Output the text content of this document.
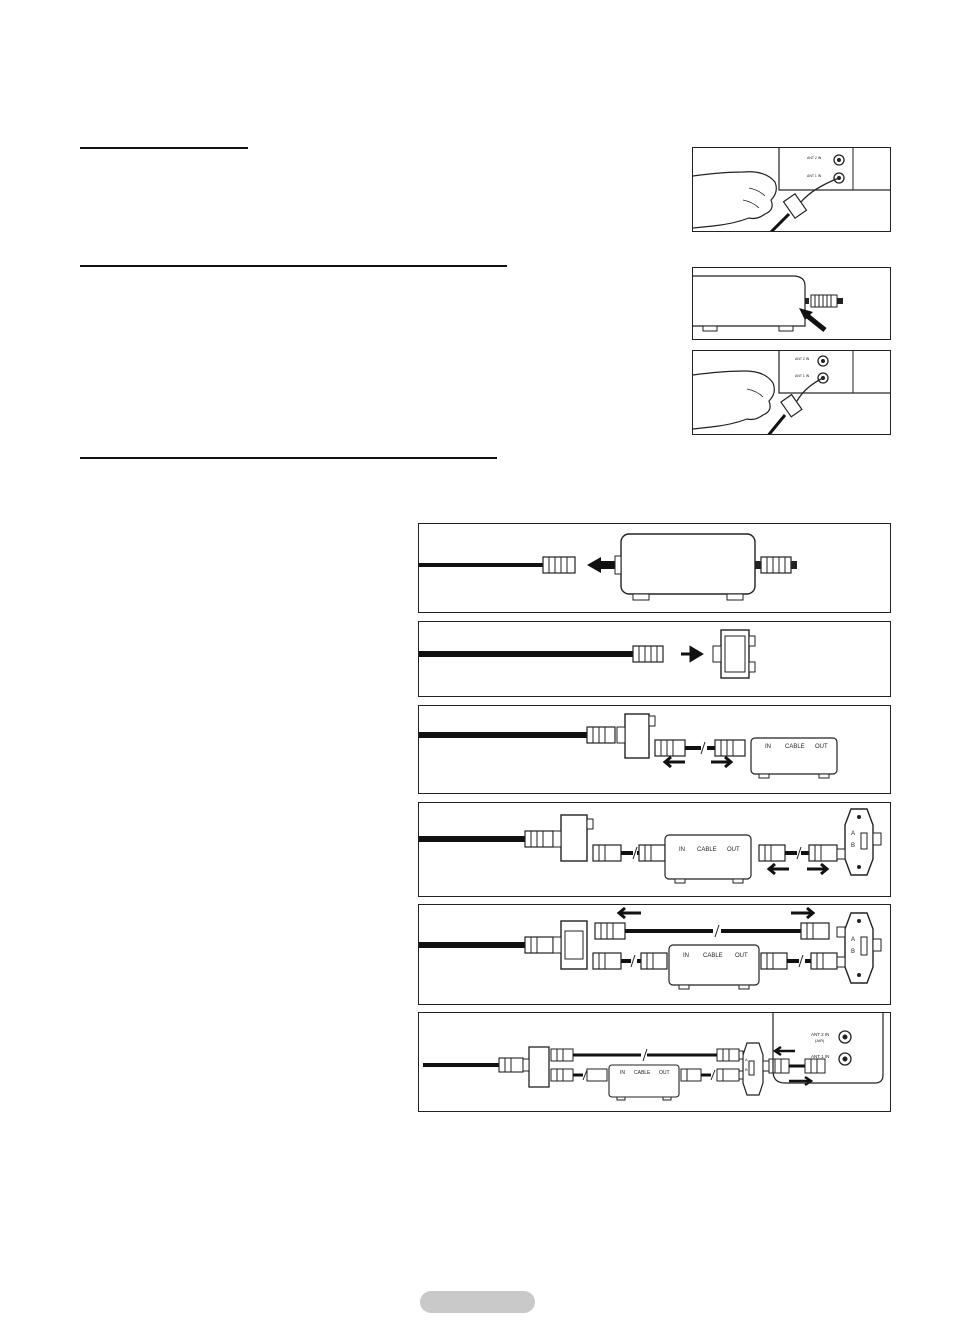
ANT 2 IN
ANT 1 IN
ANT 2 IN
ANT 1 IN
IN CABLE OUT
IN CABLE OUT
A
B
IN CABLE OUT
A
B
IN CABLE OUT
A
B
ANT 2 IN
(AIR)
ANT 1 IN
